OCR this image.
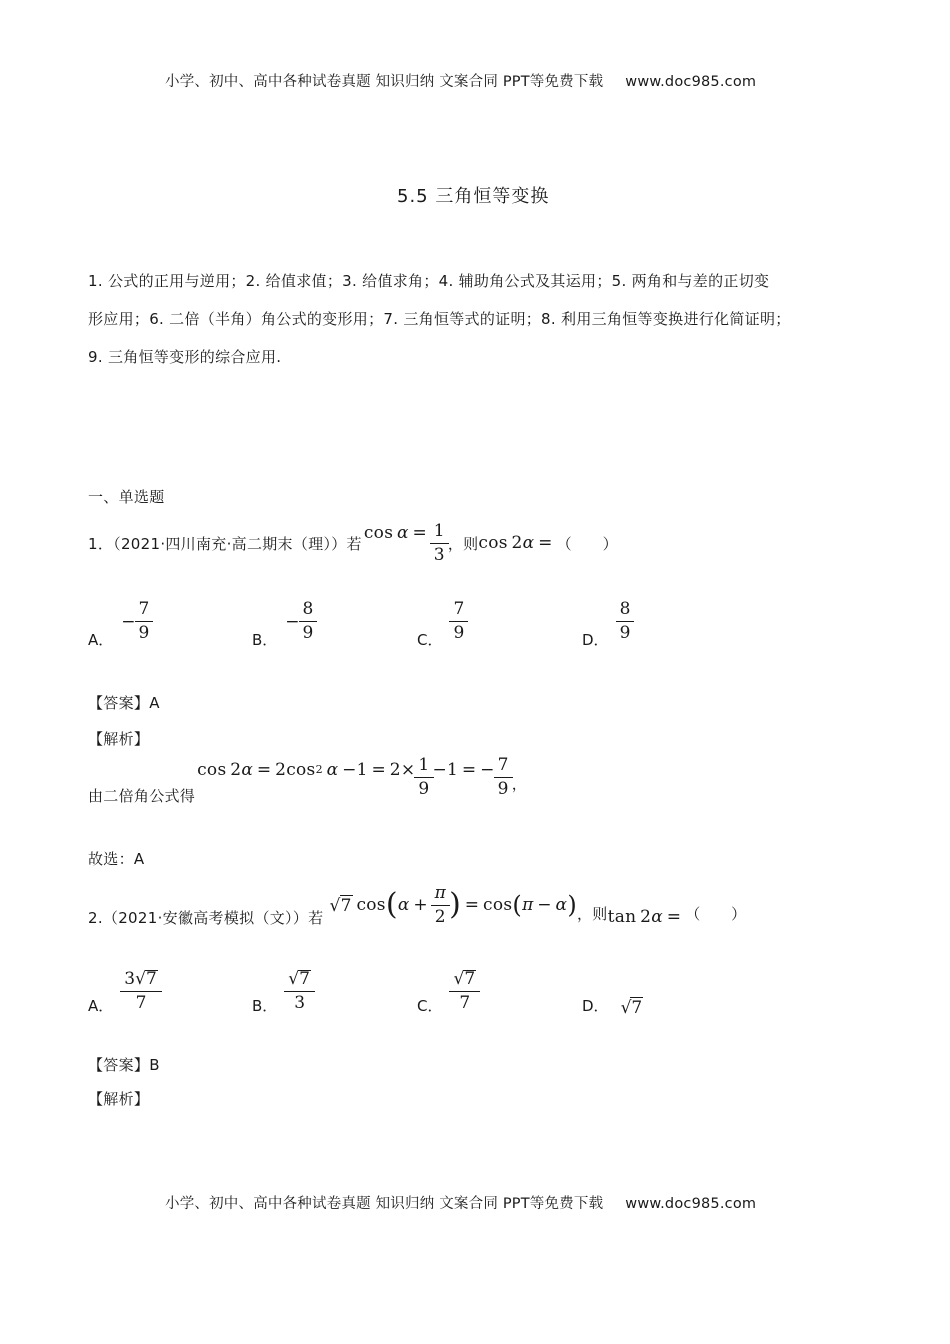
小学、初中、高中各种试卷真题 知识归纳 文案合同 PPT等免费下载 www.doc985.com
5.5 三角恒等变换
1. 公式的正用与逆用；2. 给值求值；3. 给值求角；4. 辅助角公式及其运用；5. 两角和与差的正切变
形应用；6. 二倍（半角）角公式的变形用；7. 三角恒等式的证明；8. 利用三角恒等变换进行化简证明；
9. 三角恒等变形的综合应用.
一、单选题
1．（2021·四川南充·高二期末（理））若
$\cos \alpha = \frac{1}{3}$ ，则 cos  2α  = （　　）
A．
− $\frac{7}{9}$	B．
− $\frac{8}{9}$	C． $\frac{7}{9}$	D． $\frac{8}{9}$
【答案】A
【解析】
由二倍角公式得
cos
  2 α
  =
  2 cos 2
  α
  − 1
  =
  $2 \times \frac{1}{9} - 1$
  =
  − $\frac{7}{9}$ ，
故选：A
2.（2021·安徽高考模拟（文））若
√7
  cos ( α
  +
  $\frac{\pi}{2}$ )
  =
  cos ( π
  −
  α ) ，则 tan  2α  = （　　）
A． $\frac{3√7}{7}$	B． $\frac{√7}{3}$	C． $\frac{√7}{7}$	D． √7
【答案】B
【解析】
小学、初中、高中各种试卷真题 知识归纳 文案合同 PPT等免费下载 www.doc985.com
